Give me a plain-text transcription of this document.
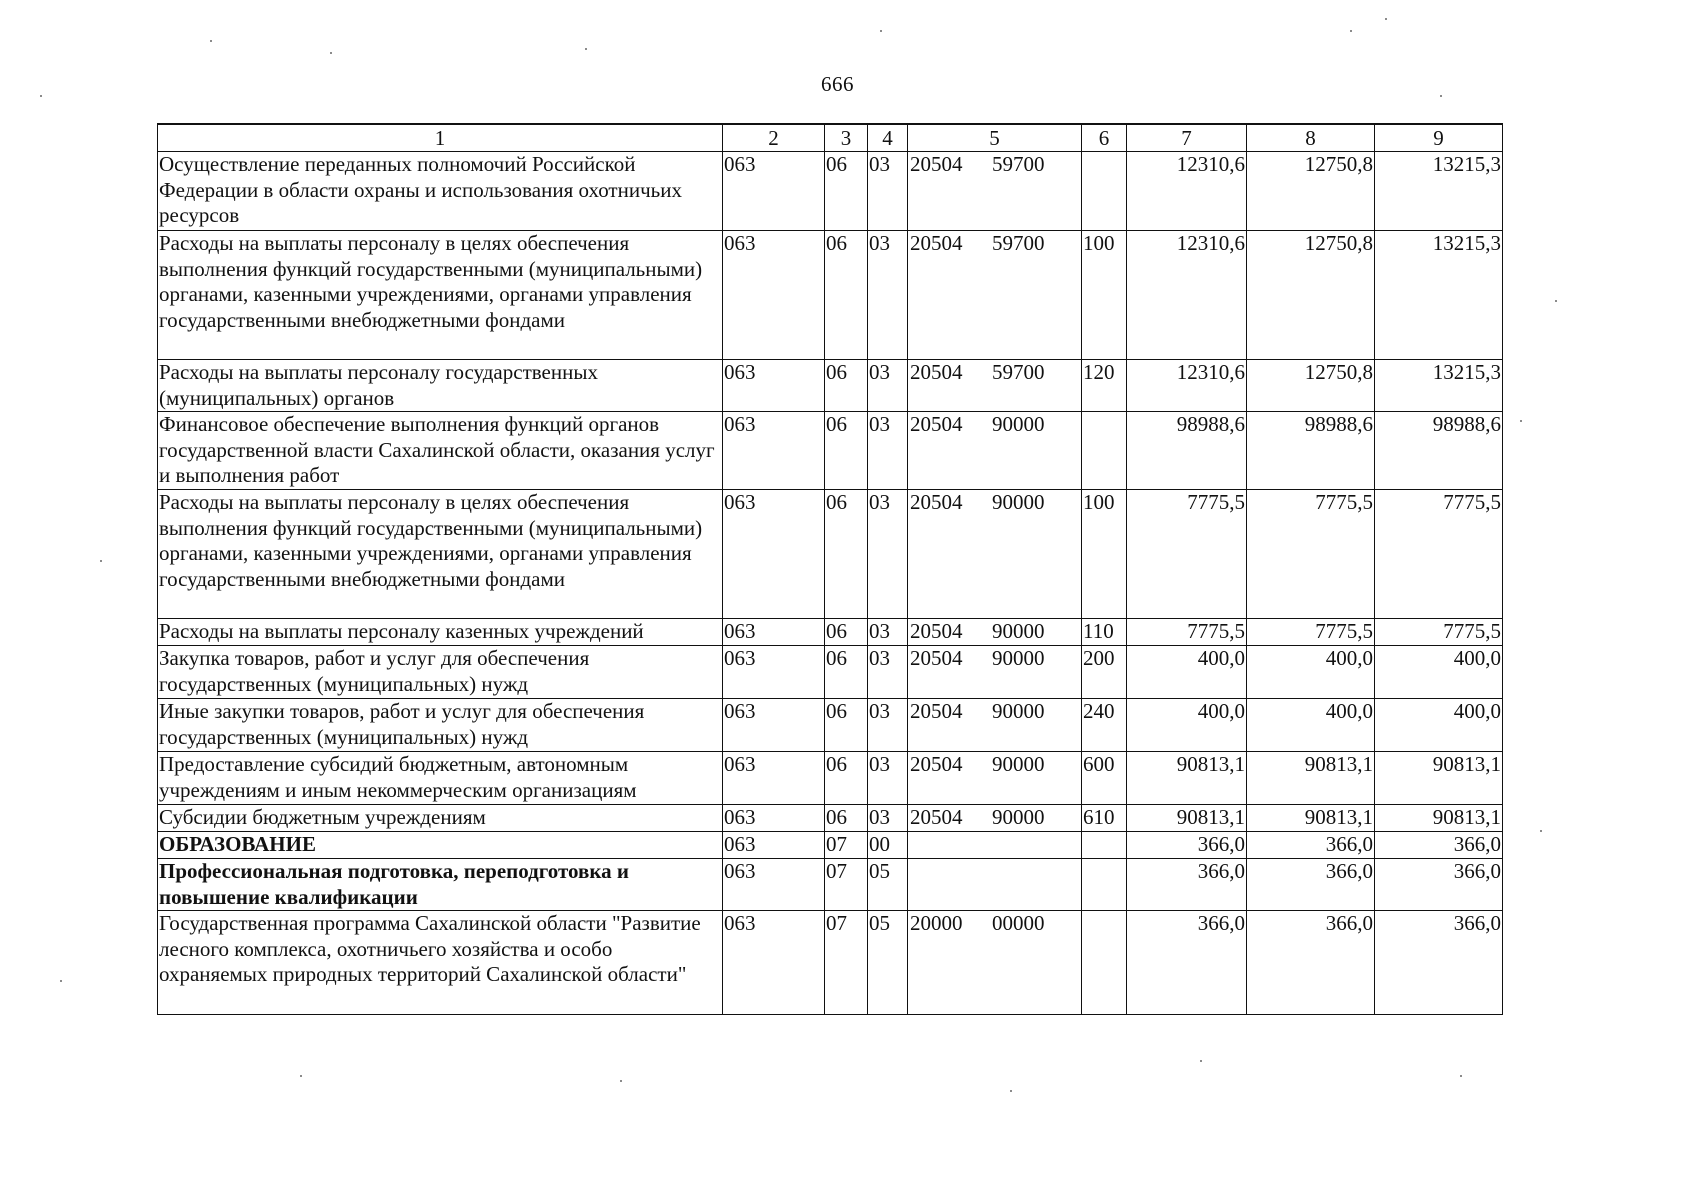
666
1	2	3	4	5	6	7	8	9
Осуществление переданных полномочий Российской Федерации в области охраны и использования охотничьих ресурсов	063	06	03	20504 59700		12310,6	12750,8	13215,3
Расходы на выплаты персоналу в целях обеспечения выполнения функций государственными (муниципальными) органами, казенными учреждениями, органами управления государственными внебюджетными фондами	063	06	03	20504 59700	100	12310,6	12750,8	13215,3
Расходы на выплаты персоналу государственных (муниципальных) органов	063	06	03	20504 59700	120	12310,6	12750,8	13215,3
Финансовое обеспечение выполнения функций органов государственной власти Сахалинской области, оказания услуг и выполнения работ	063	06	03	20504 90000		98988,6	98988,6	98988,6
Расходы на выплаты персоналу в целях обеспечения выполнения функций государственными (муниципальными) органами, казенными учреждениями, органами управления государственными внебюджетными фондами	063	06	03	20504 90000	100	7775,5	7775,5	7775,5
Расходы на выплаты персоналу казенных учреждений	063	06	03	20504 90000	110	7775,5	7775,5	7775,5
Закупка товаров, работ и услуг для обеспечения государственных (муниципальных) нужд	063	06	03	20504 90000	200	400,0	400,0	400,0
Иные закупки товаров, работ и услуг для обеспечения государственных (муниципальных) нужд	063	06	03	20504 90000	240	400,0	400,0	400,0
Предоставление субсидий бюджетным, автономным учреждениям и иным некоммерческим организациям	063	06	03	20504 90000	600	90813,1	90813,1	90813,1
Субсидии бюджетным учреждениям	063	06	03	20504 90000	610	90813,1	90813,1	90813,1
ОБРАЗОВАНИЕ	063	07	00			366,0	366,0	366,0
Профессиональная подготовка, переподготовка и повышение квалификации	063	07	05			366,0	366,0	366,0
Государственная программа Сахалинской области "Развитие лесного комплекса, охотничьего хозяйства и особо охраняемых природных территорий Сахалинской области"	063	07	05	20000 00000		366,0	366,0	366,0
